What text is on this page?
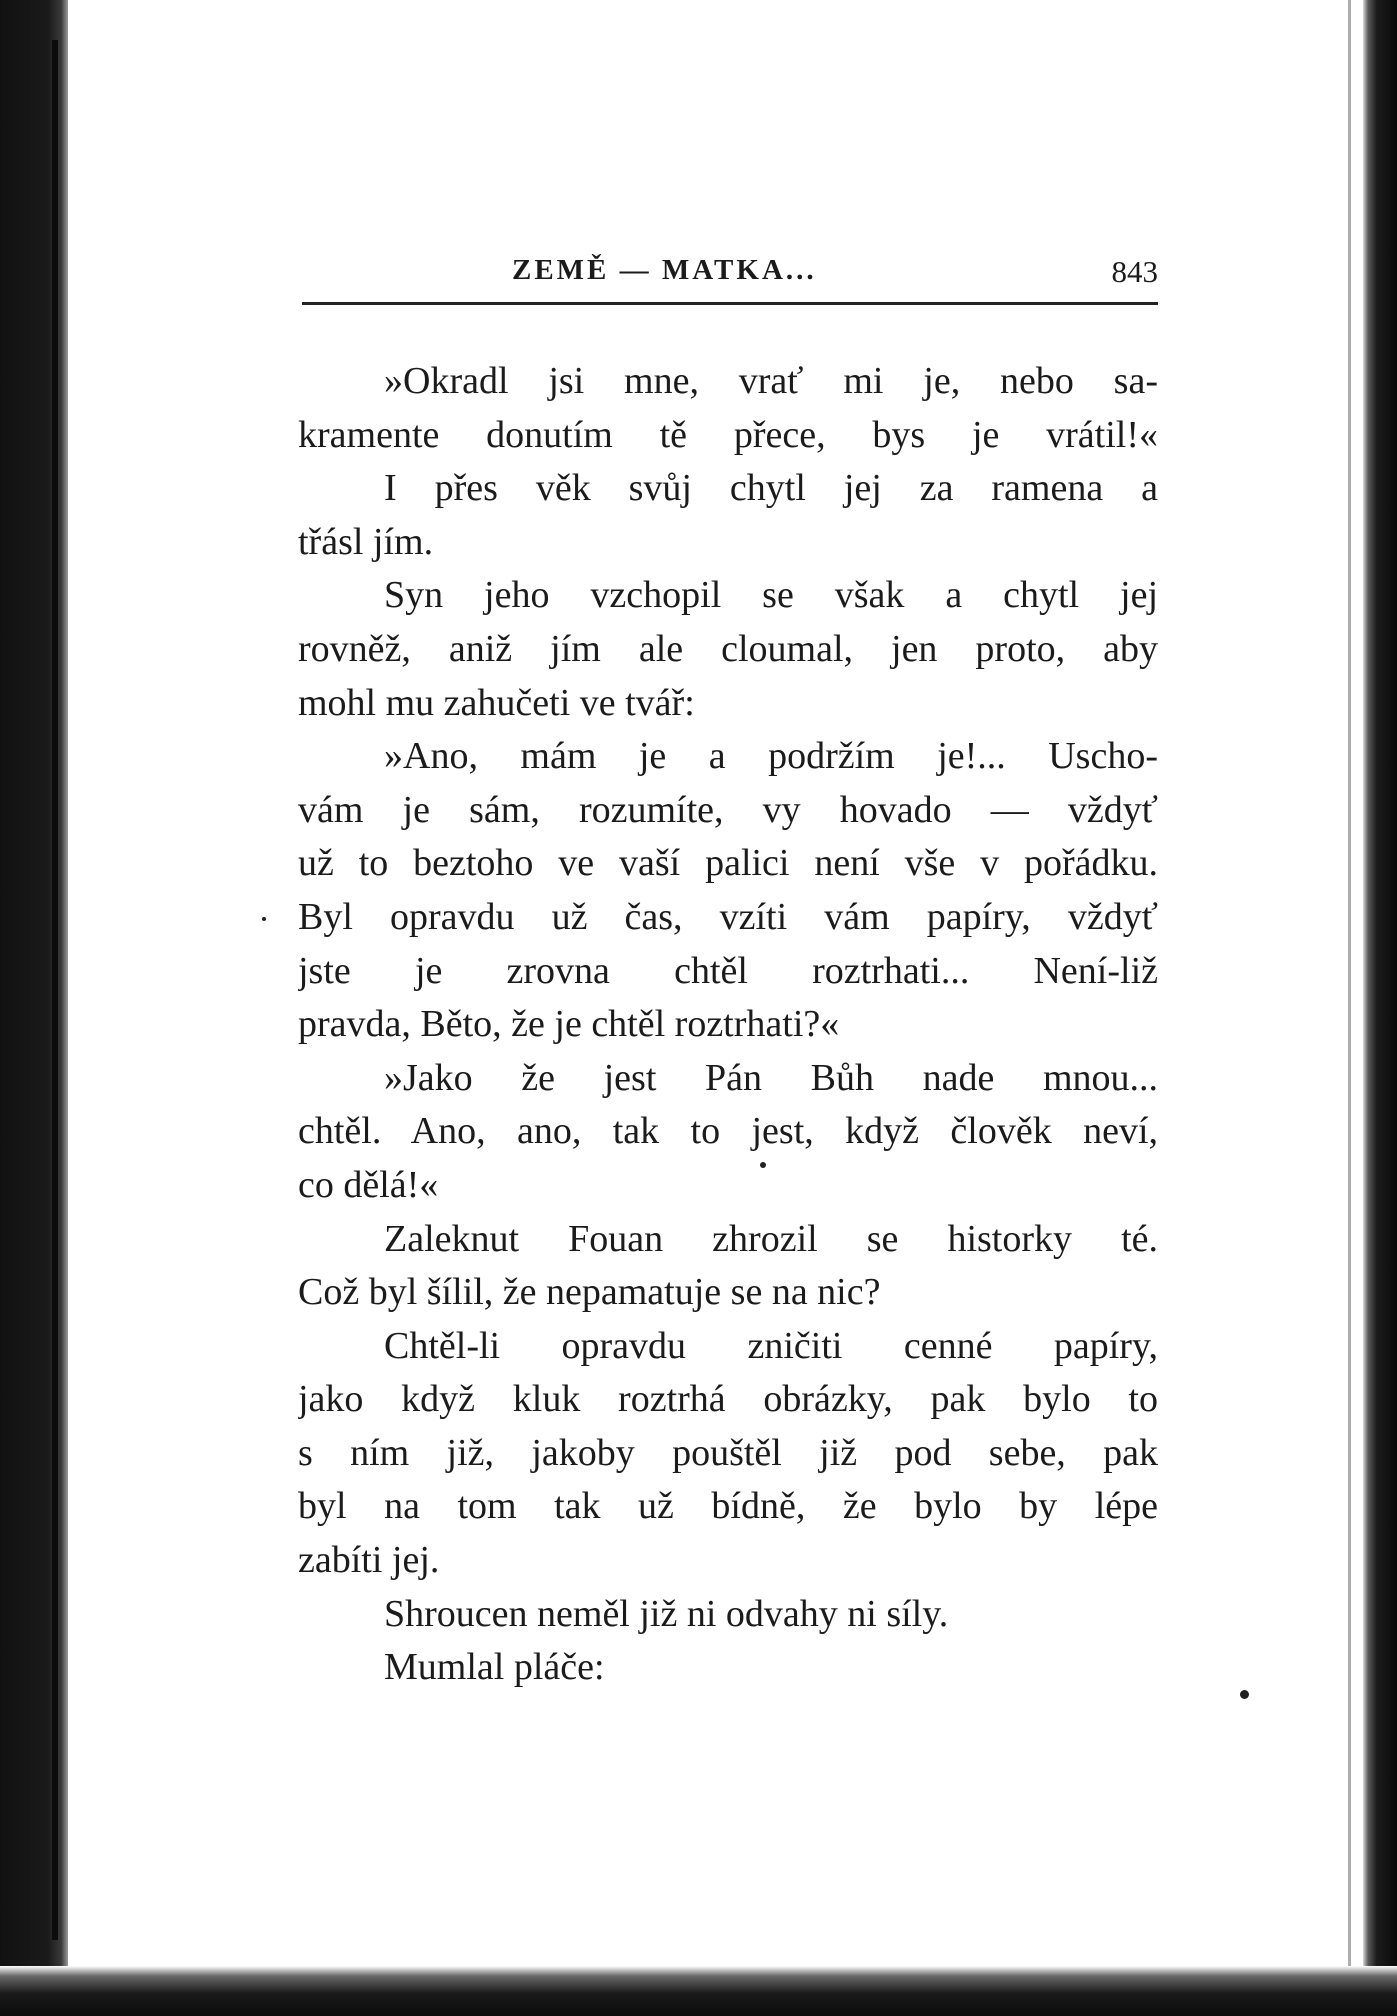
ZEMĚ — MATKA...	843
»Okradl jsi mne, vrať mi je, nebo sa-
kramente donutím tě přece, bys je vrátil!«
I přes věk svůj chytl jej za ramena a
třásl jím.
Syn jeho vzchopil se však a chytl jej
rovněž, aniž jím ale cloumal, jen proto, aby
mohl mu zahučeti ve tvář:
»Ano, mám je a podržím je!... Uscho-
vám je sám, rozumíte, vy hovado — vždyť
už to beztoho ve vaší palici není vše v pořádku.
Byl opravdu už čas, vzíti vám papíry, vždyť
jste je zrovna chtěl roztrhati... Není-liž
pravda, Běto, že je chtěl roztrhati?«
»Jako že jest Pán Bůh nade mnou...
chtěl. Ano, ano, tak to jest, když člověk neví,
co dělá!«
Zaleknut Fouan zhrozil se historky té.
Což byl šílil, že nepamatuje se na nic?
Chtěl-li opravdu zničiti cenné papíry,
jako když kluk roztrhá obrázky, pak bylo to
s ním již, jakoby pouštěl již pod sebe, pak
byl na tom tak už bídně, že bylo by lépe
zabíti jej.
Shroucen neměl již ni odvahy ni síly.
Mumlal pláče:
